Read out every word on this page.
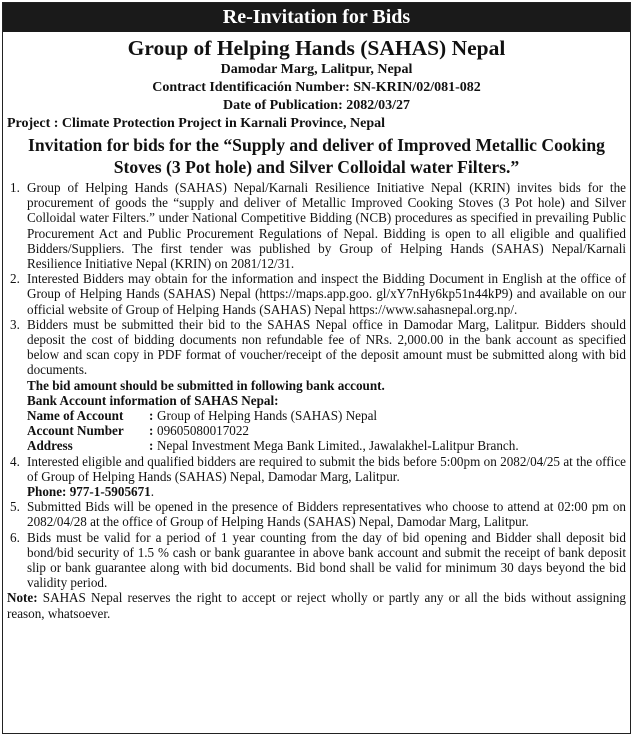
Re-Invitation for Bids
Group of Helping Hands (SAHAS) Nepal
Damodar Marg, Lalitpur, Nepal
Contract Identificación Number: SN-KRIN/02/081-082
Date of Publication: 2082/03/27
Project : Climate Protection Project in Karnali Province, Nepal
Invitation for bids for the “Supply and deliver of Improved Metallic Cooking Stoves (3 Pot hole) and Silver Colloidal water Filters.”
1. Group of Helping Hands (SAHAS) Nepal/Karnali Resilience Initiative Nepal (KRIN) invites bids for the procurement of goods the “supply and deliver of Metallic Improved Cooking Stoves (3 Pot hole) and Silver Colloidal water Filters.” under National Competitive Bidding (NCB) procedures as specified in prevailing Public Procurement Act and Public Procurement Regulations of Nepal. Bidding is open to all eligible and qualified Bidders/Suppliers. The first tender was published by Group of Helping Hands (SAHAS) Nepal/Karnali Resilience Initiative Nepal (KRIN) on 2081/12/31.
2. Interested Bidders may obtain for the information and inspect the Bidding Document in English at the office of Group of Helping Hands (SAHAS) Nepal (https://maps.app.goo. gl/xY7nHy6kp51n44kP9) and available on our official website of Group of Helping Hands (SAHAS) Nepal https://www.sahasnepal.org.np/.
3. Bidders must be submitted their bid to the SAHAS Nepal office in Damodar Marg, Lalitpur. Bidders should deposit the cost of bidding documents non refundable fee of NRs. 2,000.00 in the bank account as specified below and scan copy in PDF format of voucher/receipt of the deposit amount must be submitted along with bid documents.
The bid amount should be submitted in following bank account.
Bank Account information of SAHAS Nepal:
Name of Account	: Group of Helping Hands (SAHAS) Nepal
Account Number	: 09605080017022
Address	: Nepal Investment Mega Bank Limited., Jawalakhel-Lalitpur Branch.
4. Interested eligible and qualified bidders are required to submit the bids before 5:00pm on 2082/04/25 at the office of Group of Helping Hands (SAHAS) Nepal, Damodar Marg, Lalitpur.
Phone: 977-1-5905671.
5. Submitted Bids will be opened in the presence of Bidders representatives who choose to attend at 02:00 pm on 2082/04/28 at the office of Group of Helping Hands (SAHAS) Nepal, Damodar Marg, Lalitpur.
6. Bids must be valid for a period of 1 year counting from the day of bid opening and Bidder shall deposit bid bond/bid security of 1.5 % cash or bank guarantee in above bank account and submit the receipt of bank deposit slip or bank guarantee along with bid documents. Bid bond shall be valid for minimum 30 days beyond the bid validity period.
Note: SAHAS Nepal reserves the right to accept or reject wholly or partly any or all the bids without assigning reason, whatsoever.
